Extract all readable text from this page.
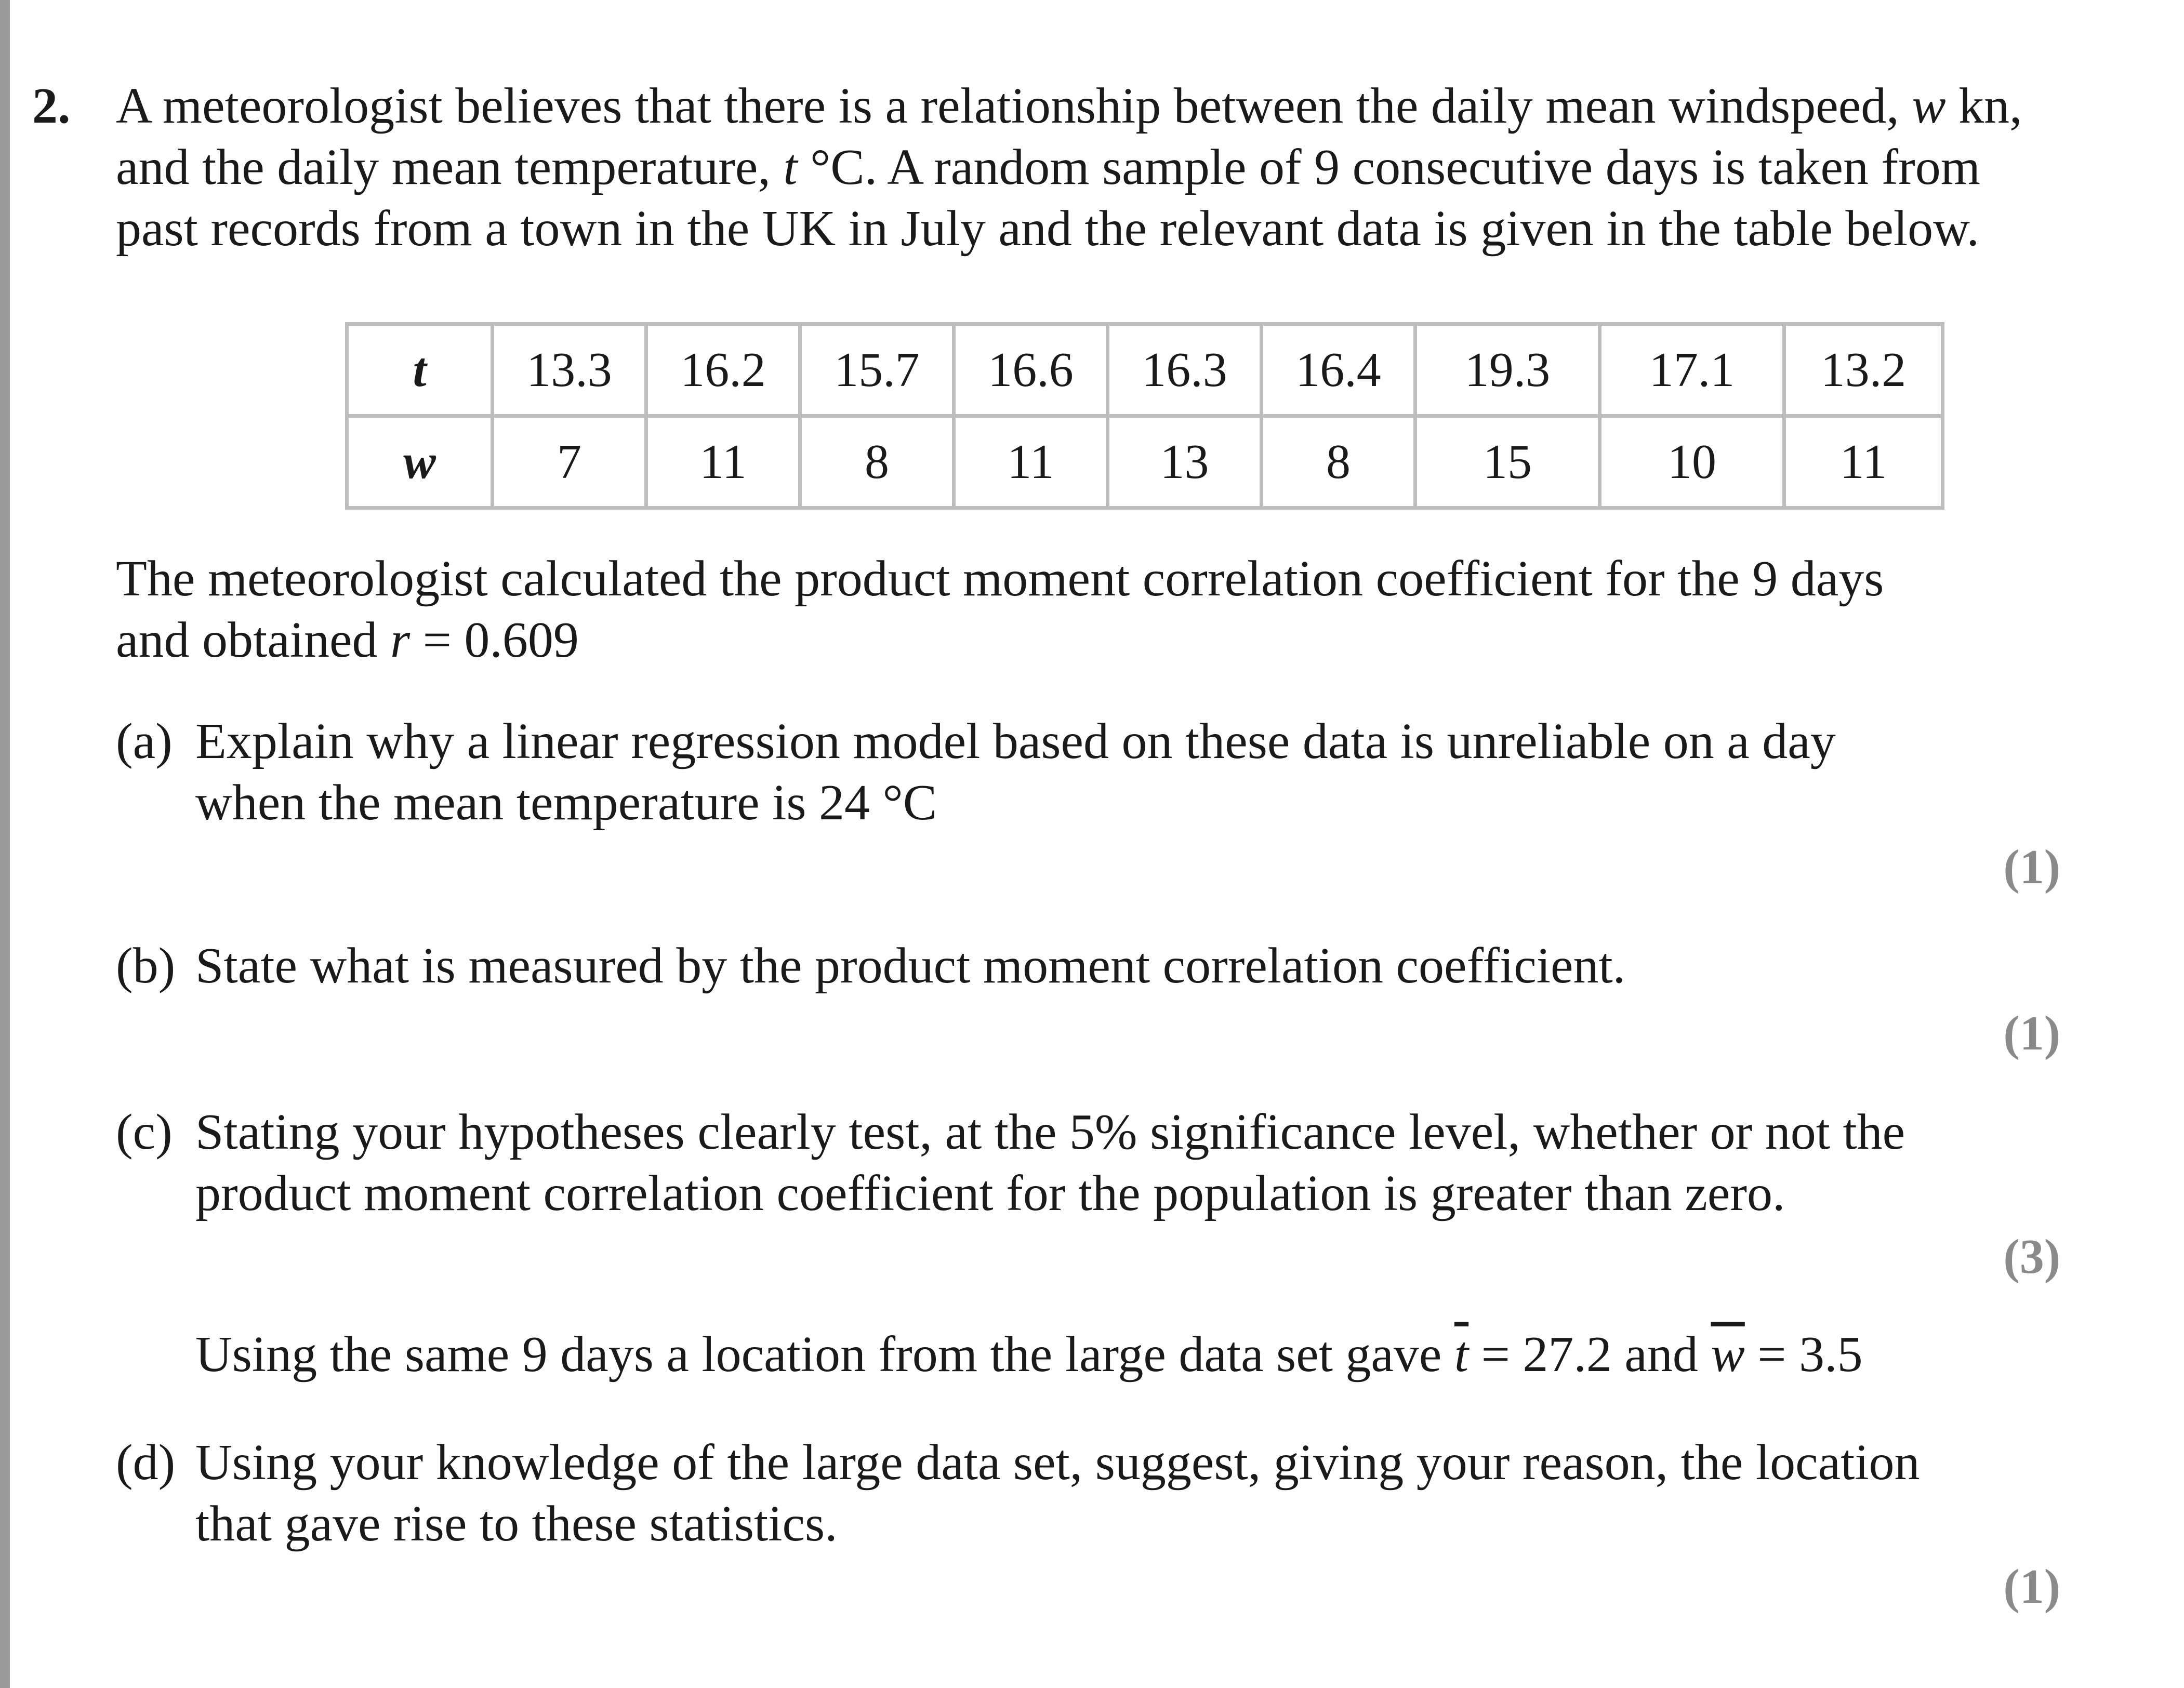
2. A meteorologist believes that there is a relationship between the daily mean windspeed, w kn,
and the daily mean temperature, t °C. A random sample of 9 consecutive days is taken from
past records from a town in the UK in July and the relevant data is given in the table below.
t	13.3	16.2	15.7	16.6	16.3	16.4	19.3	17.1	13.2
w	7	11	8	11	13	8	15	10	11
The meteorologist calculated the product moment correlation coefficient for the 9 days
and obtained r = 0.609
(a) Explain why a linear regression model based on these data is unreliable on a day
when the mean temperature is 24 °C
(1)
(b) State what is measured by the product moment correlation coefficient.
(1)
(c) Stating your hypotheses clearly test, at the 5% significance level, whether or not the
product moment correlation coefficient for the population is greater than zero.
(3)
Using the same 9 days a location from the large data set gave $\overline{t} = 27.2$ and $\overline{w} = 3.5$
(d) Using your knowledge of the large data set, suggest, giving your reason, the location
that gave rise to these statistics.
(1)
